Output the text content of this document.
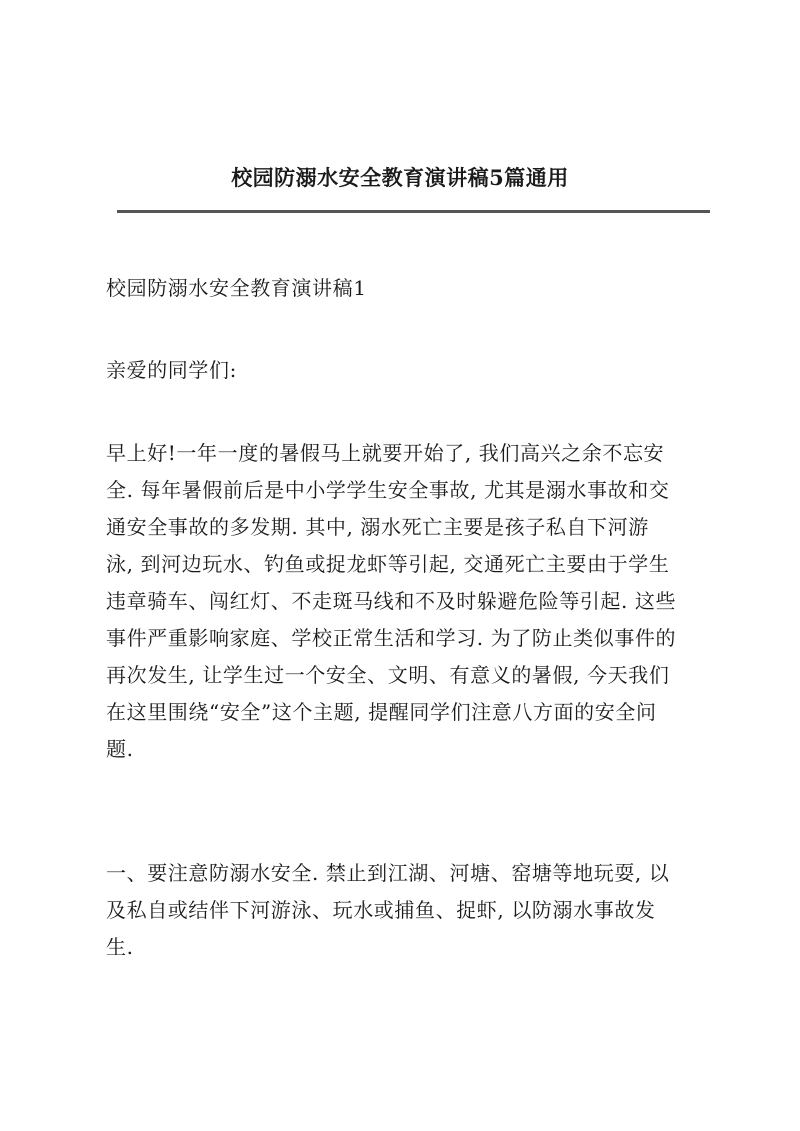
校园防溺水安全教育演讲稿5篇通用

校园防溺水安全教育演讲稿1

亲爱的同学们:

早上好!一年一度的暑假马上就要开始了, 我们高兴之余不忘安
全. 每年暑假前后是中小学学生安全事故, 尤其是溺水事故和交
通安全事故的多发期. 其中, 溺水死亡主要是孩子私自下河游
泳, 到河边玩水、钓鱼或捉龙虾等引起, 交通死亡主要由于学生
违章骑车、闯红灯、不走斑马线和不及时躲避危险等引起. 这些
事件严重影响家庭、学校正常生活和学习. 为了防止类似事件的
再次发生, 让学生过一个安全、文明、有意义的暑假, 今天我们
在这里围绕“安全”这个主题, 提醒同学们注意八方面的安全问
题.
一、要注意防溺水安全. 禁止到江湖、河塘、窑塘等地玩耍, 以
及私自或结伴下河游泳、玩水或捕鱼、捉虾, 以防溺水事故发
生.
